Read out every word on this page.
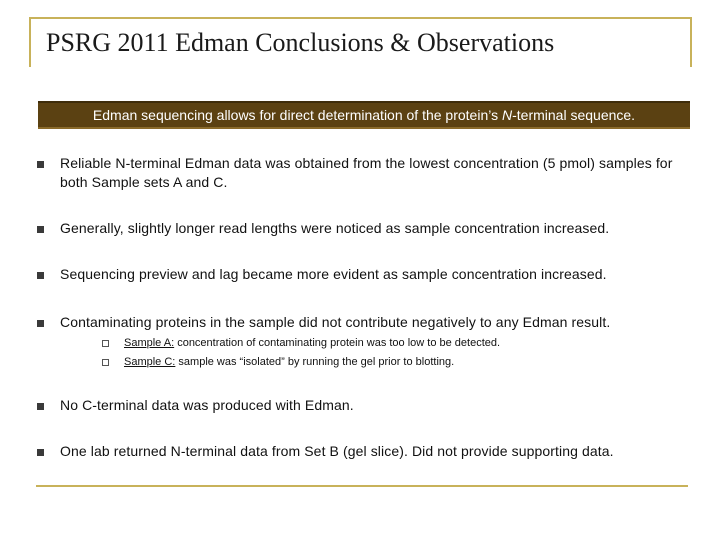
PSRG 2011 Edman Conclusions & Observations
Edman sequencing allows for direct determination of the protein’s N-terminal sequence.
Reliable N-terminal Edman data was obtained from the lowest concentration (5 pmol) samples for both Sample sets A and C.
Generally, slightly longer read lengths were noticed as sample concentration increased.
Sequencing preview and lag became more evident as sample concentration increased.
Contaminating proteins in the sample did not contribute negatively to any Edman result.
Sample A: concentration of contaminating protein was too low to be detected.
Sample C: sample was “isolated” by running the gel prior to blotting.
No C-terminal data was produced with Edman.
One lab returned N-terminal data from Set B (gel slice). Did not provide supporting data.
